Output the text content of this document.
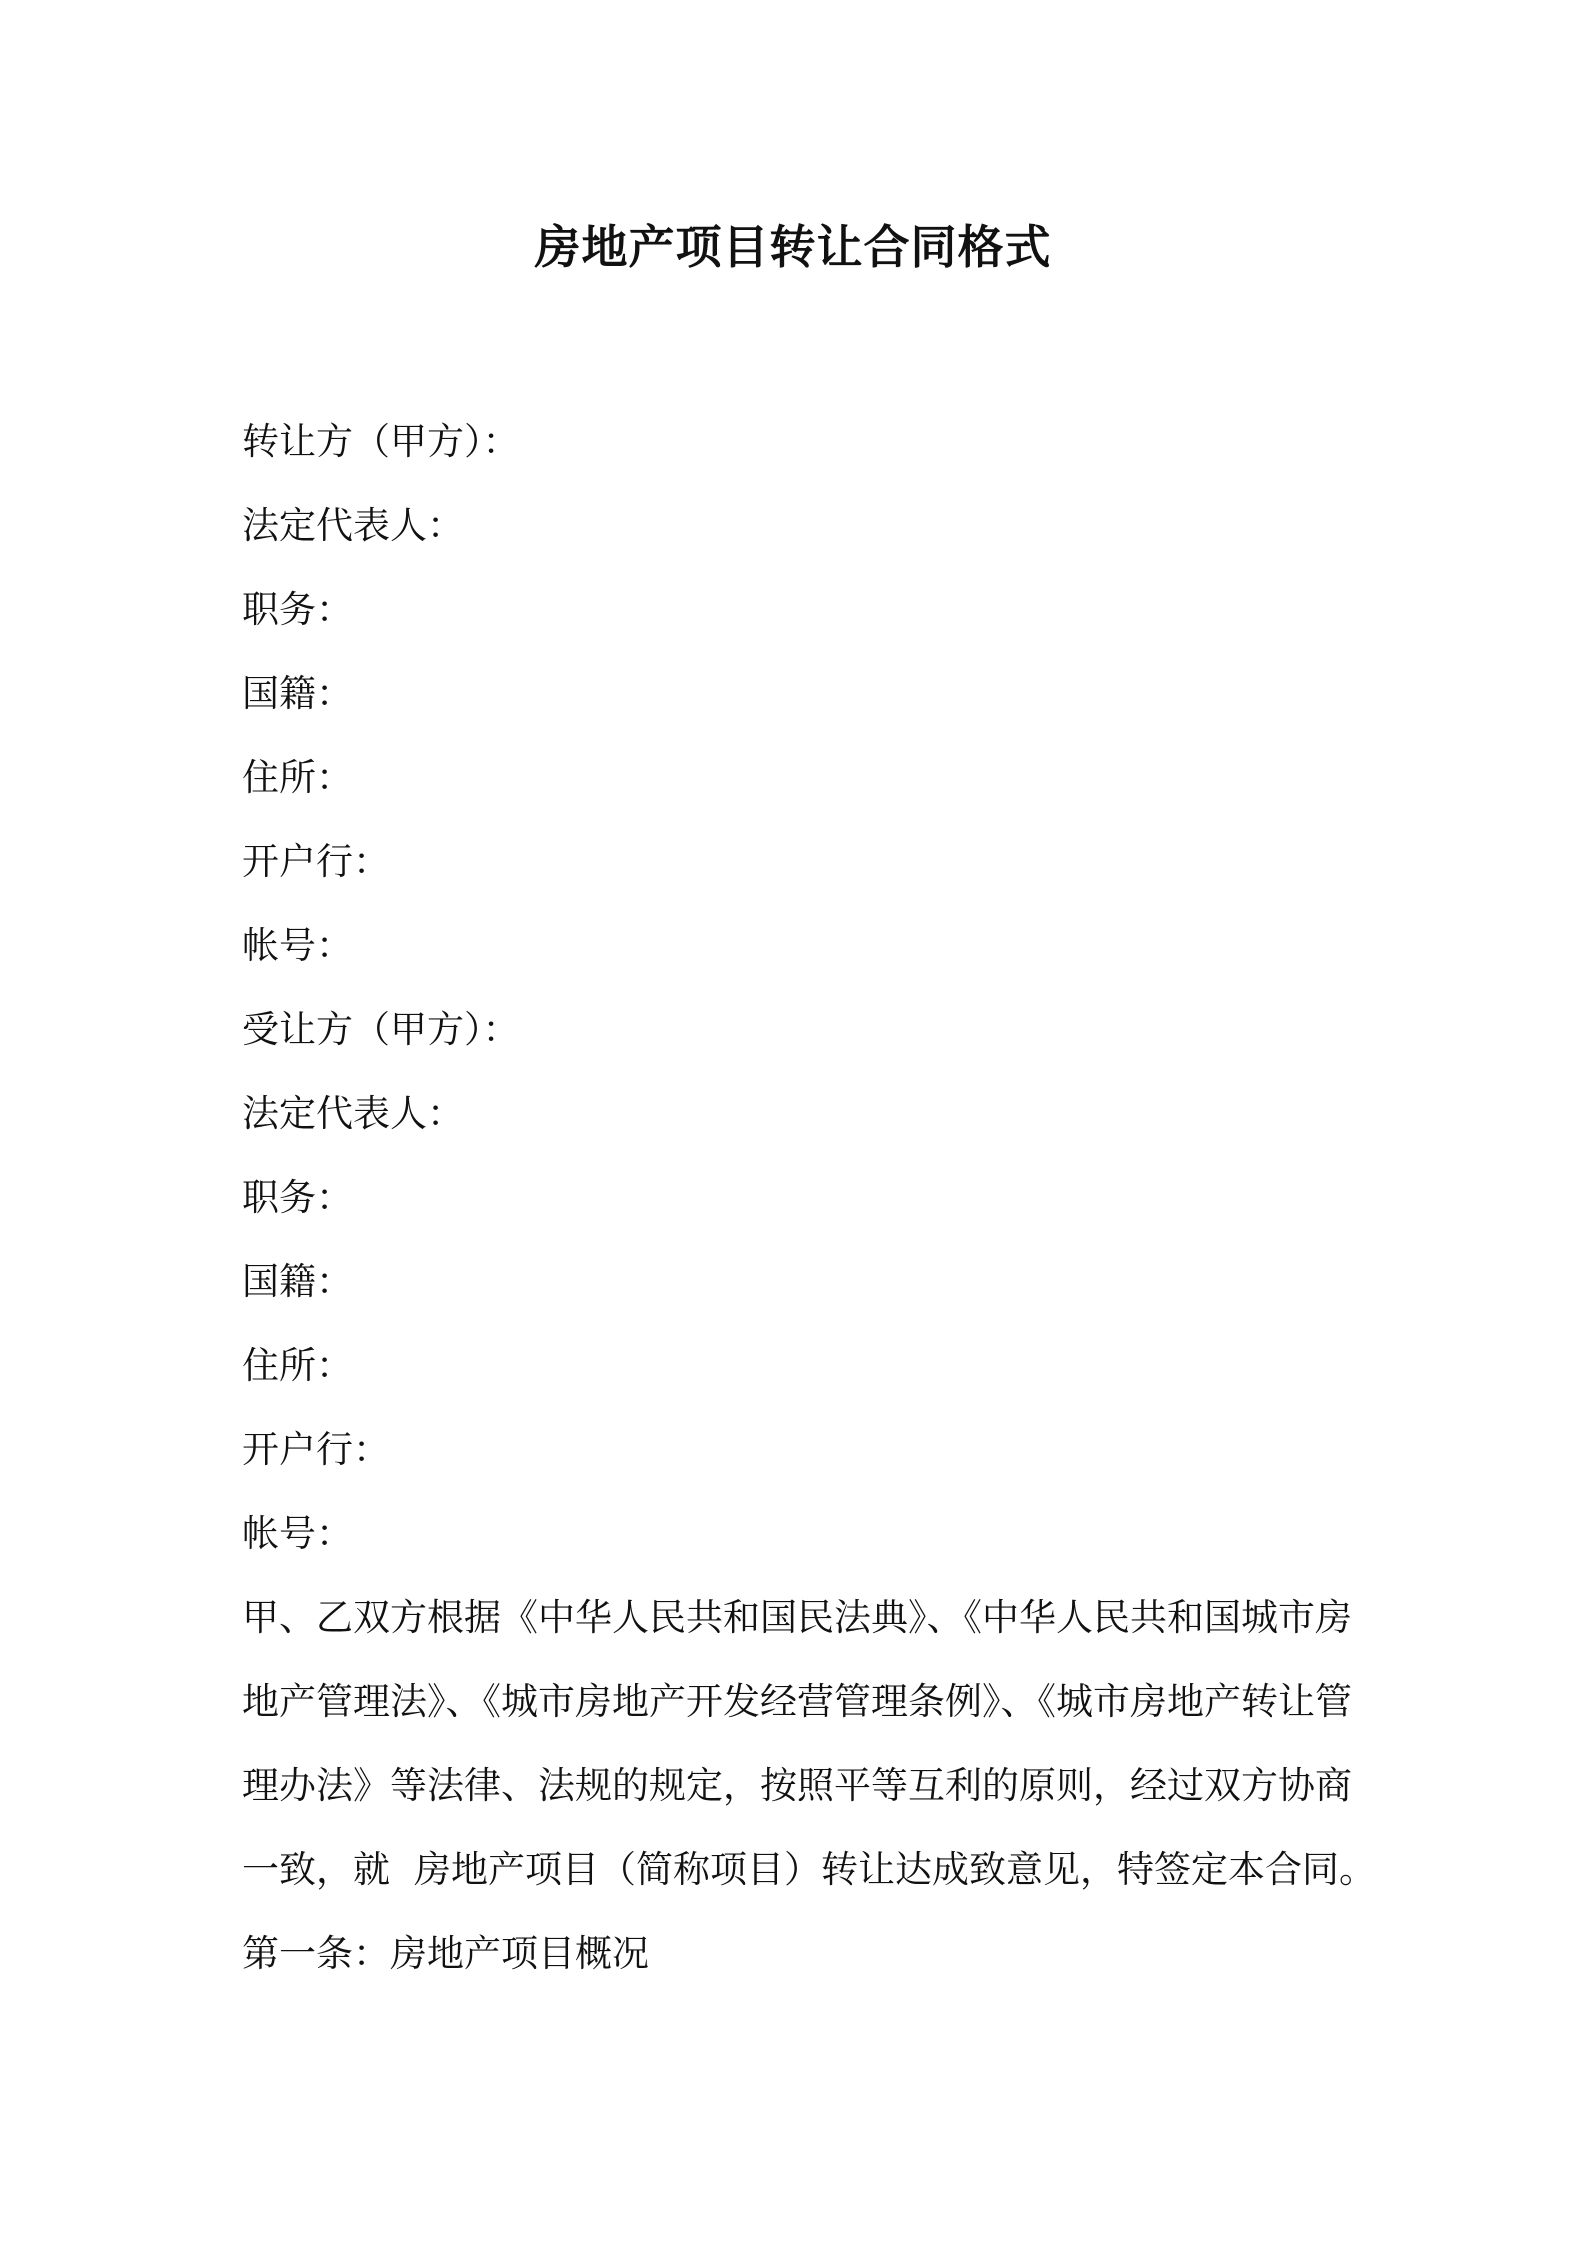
房地产项目转让合同格式

转让方（甲方）：

法定代表人：

职务：

国籍：

住所：

开户行：

帐号：

受让方（甲方）：

法定代表人：

职务：

国籍：

住所：

开户行：

帐号：

甲、乙双方根据《中华人民共和国民法典》、《中华人民共和国城市房
地产管理法》、《城市房地产开发经营管理条例》、《城市房地产转让管
理办法》等法律、法规的规定，按照平等互利的原则，经过双方协商
一致，就 房地产项目（简称项目）转让达成致意见，特签定本合同。

第一条：房地产项目概况
